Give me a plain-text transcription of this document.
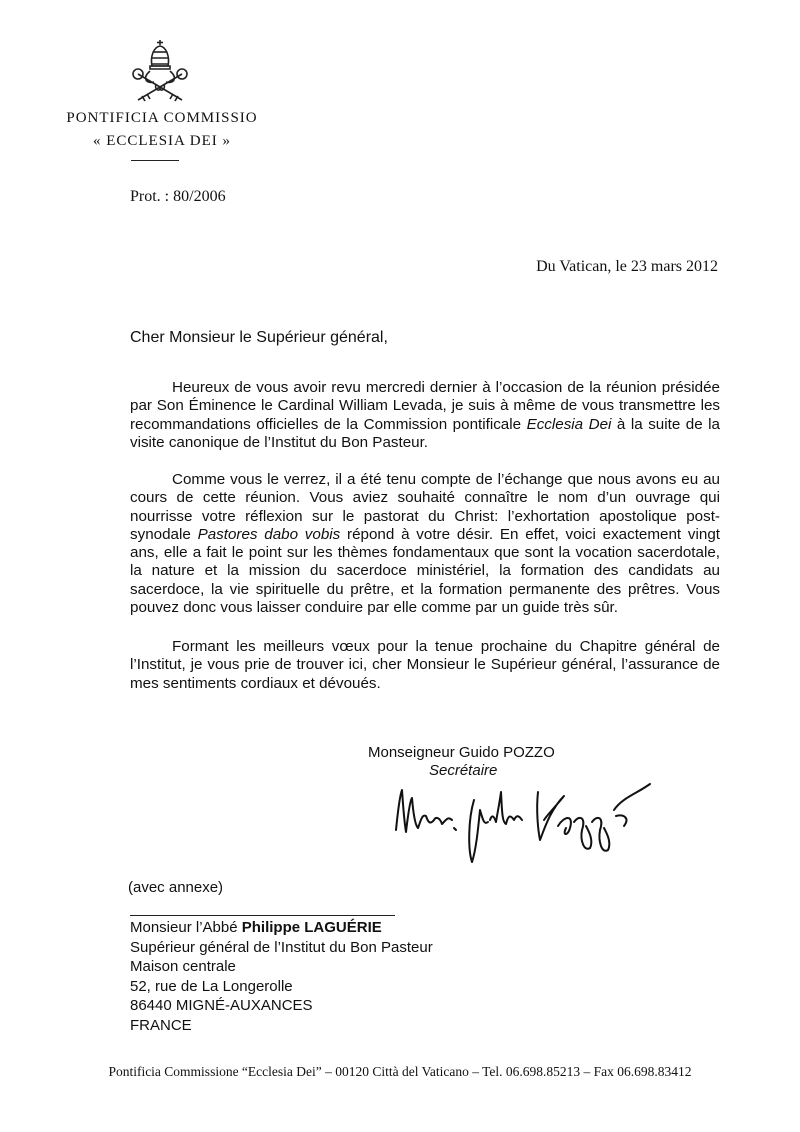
PONTIFICIA COMMISSIO
« ECCLESIA DEI »
Prot. : 80/2006
Du Vatican, le 23 mars 2012
Cher Monsieur le Supérieur général,

Heureux de vous avoir revu mercredi dernier à l’occasion de la réunion présidée par Son Éminence le Cardinal William Levada, je suis à même de vous transmettre les recommandations officielles de la Commission pontificale Ecclesia Dei à la suite de la visite canonique de l’Institut du Bon Pasteur.

Comme vous le verrez, il a été tenu compte de l’échange que nous avons eu au cours de cette réunion. Vous aviez souhaité connaître le nom d’un ouvrage qui nourrisse votre réflexion sur le pastorat du Christ: l’exhortation apostolique post-synodale Pastores dabo vobis répond à votre désir. En effet, voici exactement vingt ans, elle a fait le point sur les thèmes fondamentaux que sont la vocation sacerdotale, la nature et la mission du sacerdoce ministériel, la formation des candidats au sacerdoce, la vie spirituelle du prêtre, et la formation permanente des prêtres. Vous pouvez donc vous laisser conduire par elle comme par un guide très sûr.

Formant les meilleurs vœux pour la tenue prochaine du Chapitre général de l’Institut, je vous prie de trouver ici, cher Monsieur le Supérieur général, l’assurance de mes sentiments cordiaux et dévoués.

Monseigneur Guido POZZO
Secrétaire
(avec annexe)
Monsieur l’Abbé Philippe LAGUÉRIE
Supérieur général de l’Institut du Bon Pasteur
Maison centrale
52, rue de La Longerolle
86440 MIGNÉ-AUXANCES
FRANCE
Pontificia Commissione “Ecclesia Dei” – 00120 Città del Vaticano – Tel. 06.698.85213 – Fax 06.698.83412
